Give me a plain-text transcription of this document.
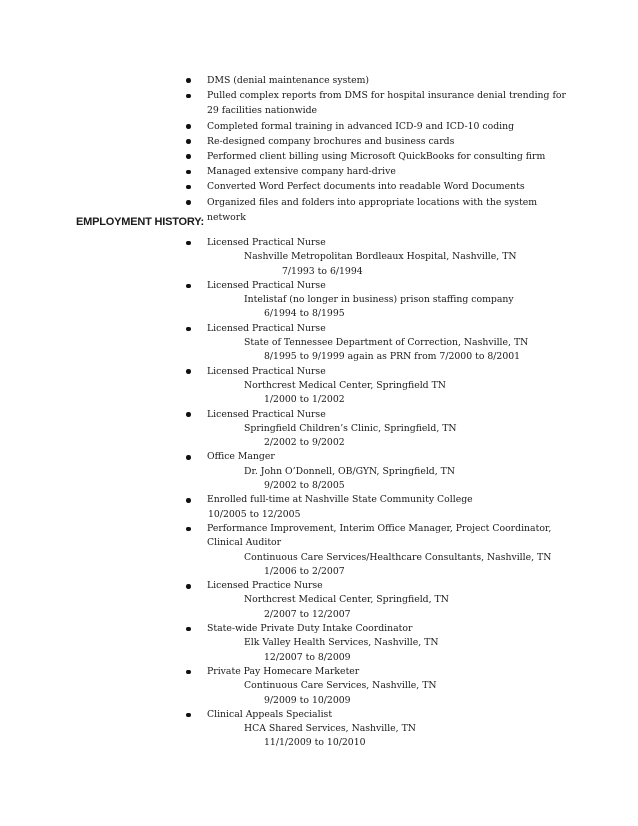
DMS (denial maintenance system)
Pulled complex reports from DMS for hospital insurance denial trending for 29 facilities nationwide
Completed formal training in advanced ICD-9 and ICD-10 coding
Re-designed company brochures and business cards
Performed client billing using Microsoft QuickBooks for consulting firm
Managed extensive company hard-drive
Converted Word Perfect documents into readable Word Documents
Organized files and folders into appropriate locations with the system network
EMPLOYMENT HISTORY:
Licensed Practical Nurse
Nashville Metropolitan Bordleaux Hospital, Nashville, TN
7/1993 to 6/1994
Licensed Practical Nurse
Intelistaf (no longer in business) prison staffing company
6/1994 to 8/1995
Licensed Practical Nurse
State of Tennessee Department of Correction, Nashville, TN
8/1995 to 9/1999 again as PRN from 7/2000 to 8/2001
Licensed Practical Nurse
Northcrest Medical Center, Springfield TN
1/2000 to 1/2002
Licensed Practical Nurse
Springfield Children’s Clinic, Springfield, TN
2/2002 to 9/2002
Office Manger
Dr. John O’Donnell, OB/GYN, Springfield, TN
9/2002 to 8/2005
Enrolled full-time at Nashville State Community College
10/2005 to 12/2005
Performance Improvement, Interim Office Manager, Project Coordinator, Clinical Auditor
Continuous Care Services/Healthcare Consultants, Nashville, TN
1/2006 to 2/2007
Licensed Practice Nurse
Northcrest Medical Center, Springfield, TN
2/2007 to 12/2007
State-wide Private Duty Intake Coordinator
Elk Valley Health Services, Nashville, TN
12/2007 to 8/2009
Private Pay Homecare Marketer
Continuous Care Services, Nashville, TN
9/2009 to 10/2009
Clinical Appeals Specialist
HCA Shared Services, Nashville, TN
11/1/2009 to 10/2010
